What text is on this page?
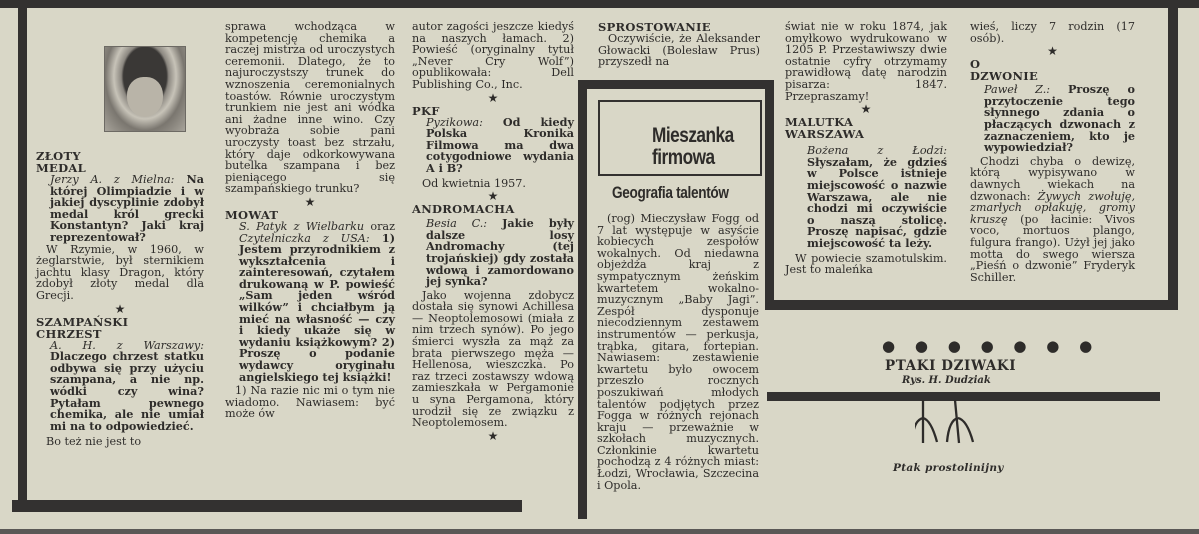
ZŁOTY
MEDAL

Jerzy A. z Mielna: Na której Olimpiadzie i w jakiej dyscyplinie zdobył medal król grecki Konstantyn? Jaki kraj reprezentował?

W Rzymie, w 1960, w żeglarstwie, był sternikiem jachtu klasy Dragon, który zdobył złoty medal dla Grecji.

★

SZAMPAŃSKI
CHRZEST

A. H. z Warszawy: Dlaczego chrzest statku odbywa się przy użyciu szampana, a nie np. wódki czy wina? Pytałam pewnego chemika, ale nie umiał mi na to odpowiedzieć.

Bo też nie jest to

sprawa wchodząca w kompetencję chemika a raczej mistrza od uroczystych ceremonii. Dlatego, że to najuroczystszy trunek do wznoszenia ceremonialnych toastów. Równie uroczystym trunkiem nie jest ani wódka ani żadne inne wino. Czy wyobraża sobie pani uroczysty toast bez strzału, który daje odkorkowywana butelka szampana i bez pieniącego się szampańskiego trunku?

★

MOWAT

S. Patyk z Wielbarku oraz Czytelniczka z USA: 1) Jestem przyrodnikiem z wykształcenia i zainteresowań, czytałem drukowaną w P. powieść „Sam jeden wśród wilków” i chciałbym ją mieć na własność — czy i kiedy ukaże się w wydaniu książkowym? 2) Proszę o podanie wydawcy oryginału angielskiego tej książki!

1) Na razie nic mi o tym nie wiadomo. Nawiasem: być może ów

autor zagości jeszcze kiedyś na naszych łamach. 2) Powieść (oryginalny tytuł „Never Cry Wolf”) opublikowała: Dell Publishing Co., Inc.

★

PKF

Pyzikowa: Od kiedy Polska Kronika Filmowa ma dwa cotygodniowe wydania A i B?

Od kwietnia 1957.

★

ANDROMACHA

Besia C.: Jakie były dalsze losy Andromachy (tej trojańskiej) gdy została wdową i zamordowano jej synka?

Jako wojenna zdobycz dostała się synowi Achillesa — Neoptolemosowi (miała z nim trzech synów). Po jego śmierci wyszła za mąż za brata pierwszego męża — Hellenosa, wieszczka. Po raz trzeci zostawszy wdową zamieszkała w Pergamonie u syna Pergamona, który urodził się ze związku z Neoptolemosem.

★

SPROSTOWANIE

Oczywiście, że Aleksander Głowacki (Bolesław Prus) przyszedł na

Mieszanka
firmowa
Geografia talentów

(rog) Mieczysław Fogg od 7 lat występuje w asyście kobiecych zespołów wokalnych. Od niedawna objeżdża kraj z sympatycznym żeńskim kwartetem wokalno-muzycznym „Baby Jagi”. Zespół dysponuje niecodziennym zestawem instrumentów — perkusja, trąbka, gitara, fortepian. Nawiasem: zestawienie kwartetu było owocem przeszło rocznych poszukiwań młodych talentów podjętych przez Fogga w różnych rejonach kraju — przeważnie w szkołach muzycznych. Członkinie kwartetu pochodzą z 4 różnych miast: Łodzi, Wrocławia, Szczecina i Opola.

świat nie w roku 1874, jak omyłkowo wydrukowano w 1205 P. Przestawiwszy dwie ostatnie cyfry otrzymamy prawidłową datę narodzin pisarza: 1847. Przepraszamy!

★

MALUTKA
WARSZAWA

Bożena z Łodzi: Słyszałam, że gdzieś w Polsce istnieje miejscowość o nazwie Warszawa, ale nie chodzi mi oczywiście o naszą stolicę. Proszę napisać, gdzie miejscowość ta leży.

W powiecie szamotulskim. Jest to maleńka

wieś, liczy 7 rodzin (17 osób).

★

O
DZWONIE

Paweł Z.: Proszę o przytoczenie tego słynnego zdania o płaczących dzwonach z zaznaczeniem, kto je wypowiedział?

Chodzi chyba o dewizę, którą wypisywano w dawnych wiekach na dzwonach: Żywych zwołuję, zmarłych opłakuję, gromy kruszę (po łacinie: Vivos voco, mortuos plango, fulgura frango). Użył jej jako motta do swego wiersza „Pieśń o dzwonie” Fryderyk Schiller.

● ● ● ● ● ● ●
PTAKI DZIWAKI
Rys. H. Dudziak
Ptak prostolinijny
